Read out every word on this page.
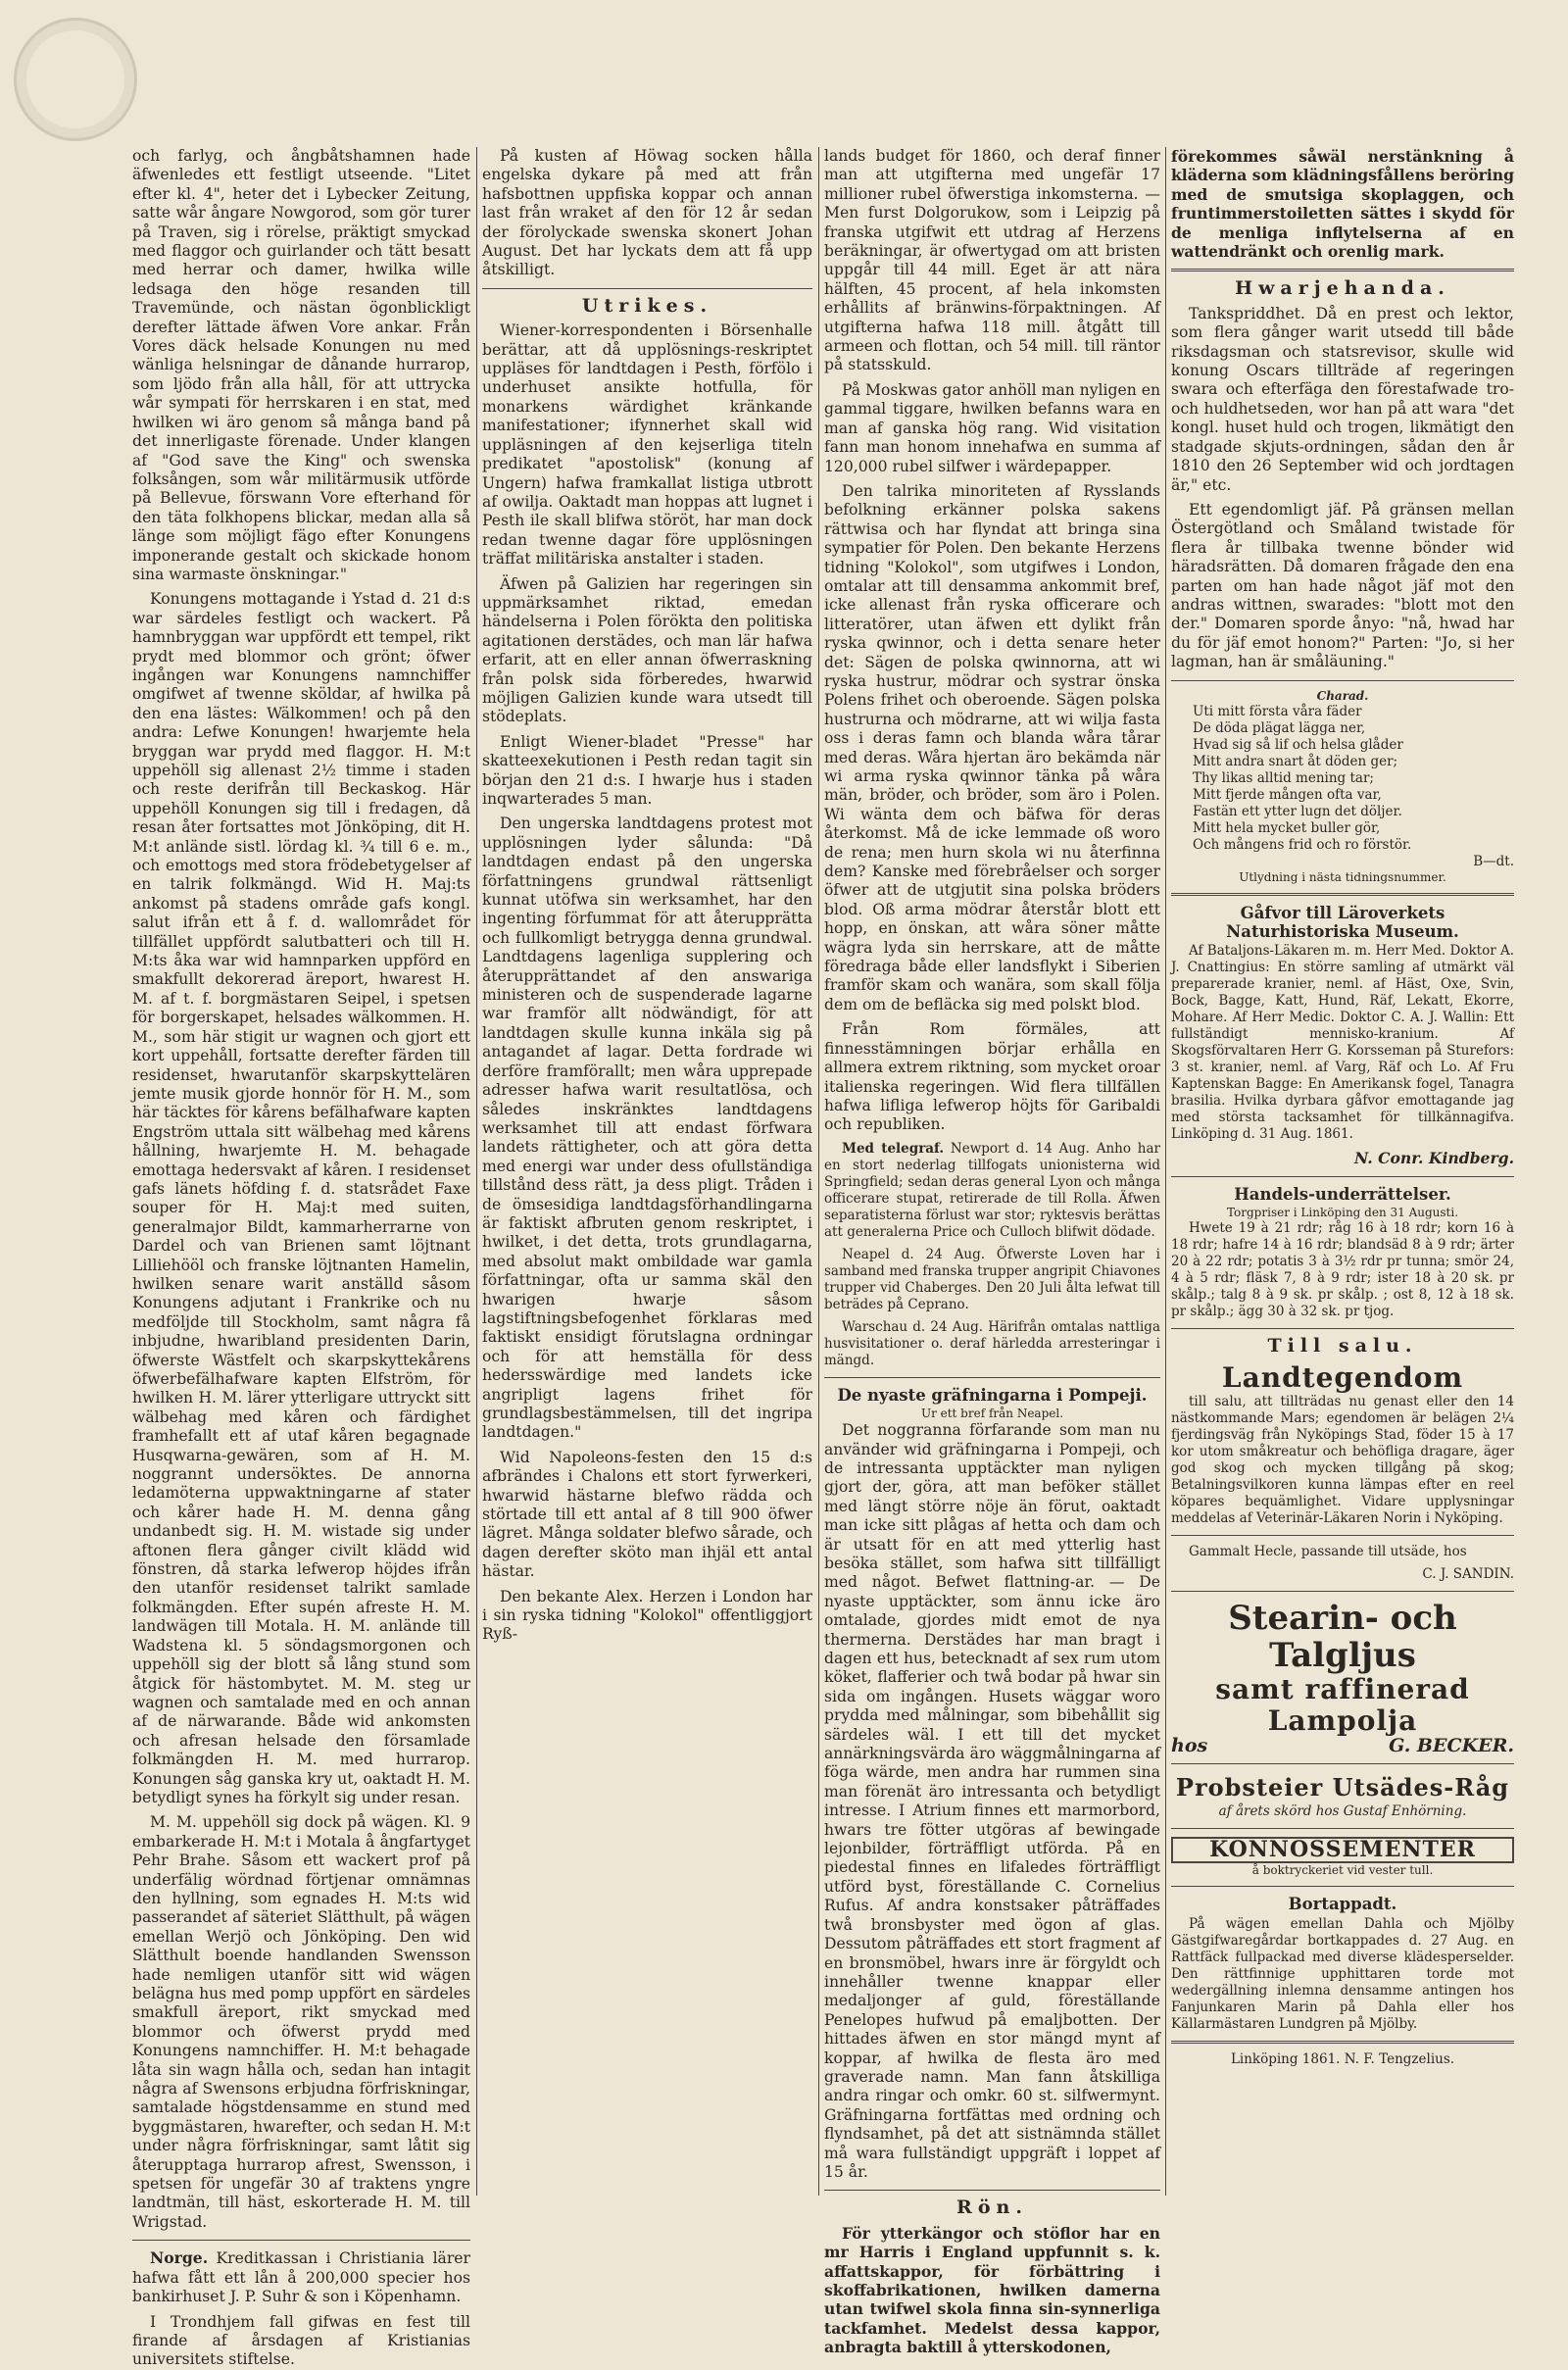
och farlyg, och ångbåtshamnen hade äfwenledes ett festligt utseende. "Litet efter kl. 4", heter det i Lybecker Zeitung, satte wår ångare Nowgorod, som gör turer på Traven, sig i rörelse, präktigt smyckad med flaggor och guirlander och tätt besatt med herrar och damer, hwilka wille ledsaga den höge resanden till Travemünde, och nästan ögonblickligt derefter lättade äfwen Vore ankar. Från Vores däck helsade Konungen nu med wänliga helsningar de dånande hurrarop, som ljödo från alla håll, för att uttrycka wår sympati för herrskaren i en stat, med hwilken wi äro genom så många band på det innerligaste förenade. Under klangen af "God save the King" och swenska folksången, som wår militärmusik utförde på Bellevue, förswann Vore efterhand för den täta folkhopens blickar, medan alla så länge som möjligt fägo efter Konungens imponerande gestalt och skickade honom sina warmaste önskningar."

Konungens mottagande i Ystad d. 21 d:s war särdeles festligt och wackert. På hamnbryggan war uppfördt ett tempel, rikt prydt med blommor och grönt; öfwer ingången war Konungens namnchiffer omgifwet af twenne sköldar, af hwilka på den ena lästes: Wälkommen! och på den andra: Lefwe Konungen! hwarjemte hela bryggan war prydd med flaggor. H. M:t uppehöll sig allenast 2½ timme i staden och reste derifrån till Beckaskog. Här uppehöll Konungen sig till i fredagen, då resan åter fortsattes mot Jönköping, dit H. M:t anlände sistl. lördag kl. ¾ till 6 e. m., och emottogs med stora frödebetygelser af en talrik folkmängd. Wid H. Maj:ts ankomst på stadens område gafs kongl. salut ifrån ett å f. d. wallområdet för tillfället uppfördt salutbatteri och till H. M:ts åka war wid hamnparken uppförd en smakfullt dekorerad äreport, hwarest H. M. af t. f. borgmästaren Seipel, i spetsen för borgerskapet, helsades wälkommen. H. M., som här stigit ur wagnen och gjort ett kort uppehåll, fortsatte derefter färden till residenset, hwarutanför skarpskyttelären jemte musik gjorde honnör för H. M., som här täcktes för kårens befälhafware kapten Engström uttala sitt wälbehag med kårens hållning, hwarjemte H. M. behagade emottaga hedersvakt af kåren. I residenset gafs länets höfding f. d. statsrådet Faxe souper för H. Maj:t med suiten, generalmajor Bildt, kammarherrarne von Dardel och van Brienen samt löjtnant Lilliehööl och franske löjtnanten Hamelin, hwilken senare warit anställd såsom Konungens adjutant i Frankrike och nu medföljde till Stockholm, samt några få inbjudne, hwaribland presidenten Darin, öfwerste Wästfelt och skarpskyttekårens öfwerbefälhafware kapten Elfström, för hwilken H. M. lärer ytterligare uttryckt sitt wälbehag med kåren och färdighet framhefallt ett af utaf kåren begagnade Husqwarna-gewären, som af H. M. noggrannt undersöktes. De annorna ledamöterna uppwaktningarne af stater och kårer hade H. M. denna gång undanbedt sig. H. M. wistade sig under aftonen flera gånger civilt klädd wid fönstren, då starka lefwerop höjdes ifrån den utanför residenset talrikt samlade folkmängden. Efter supén afreste H. M. landwägen till Motala. H. M. anlände till Wadstena kl. 5 söndagsmorgonen och uppehöll sig der blott så lång stund som åtgick för hästombytet. M. M. steg ur wagnen och samtalade med en och annan af de närwarande. Både wid ankomsten och afresan helsade den församlade folkmängden H. M. med hurrarop. Konungen såg ganska kry ut, oaktadt H. M. betydligt synes ha förkylt sig under resan.

M. M. uppehöll sig dock på wägen. Kl. 9 embarkerade H. M:t i Motala å ångfartyget Pehr Brahe. Såsom ett wackert prof på underfälig wördnad förtjenar omnämnas den hyllning, som egnades H. M:ts wid passerandet af säteriet Slätthult, på wägen emellan Werjö och Jönköping. Den wid Slätthult boende handlanden Swensson hade nemligen utanför sitt wid wägen belägna hus med pomp uppfört en särdeles smakfull äreport, rikt smyckad med blommor och öfwerst prydd med Konungens namnchiffer. H. M:t behagade låta sin wagn hålla och, sedan han intagit några af Swensons erbjudna förfriskningar, samtalade högstdensamme en stund med byggmästaren, hwarefter, och sedan H. M:t under några förfriskningar, samt låtit sig återupptaga hurrarop afrest, Swensson, i spetsen för ungefär 30 af traktens yngre landtmän, till häst, eskorterade H. M. till Wrigstad.

Norge. Kreditkassan i Christiania lärer hafwa fått ett lån å 200,000 specier hos bankirhuset J. P. Suhr & son i Köpenhamn.

I Trondhjem fall gifwas en fest till firande af årsdagen af Kristianias universitets stiftelse.

På kusten af Höwag socken hålla engelska dykare på med att från hafsbottnen uppfiska koppar och annan last från wraket af den för 12 år sedan der förolyckade swenska skonert Johan August. Det har lyckats dem att få upp åtskilligt.

Utrikes.

Wiener-korrespondenten i Börsenhalle berättar, att då upplösnings-reskriptet uppläses för landtdagen i Pesth, förfölo i underhuset ansikte hotfulla, för monarkens wärdighet kränkande manifestationer; ifynnerhet skall wid uppläsningen af den kejserliga titeln predikatet "apostolisk" (konung af Ungern) hafwa framkallat listiga utbrott af owilja. Oaktadt man hoppas att lugnet i Pesth ile skall blifwa störöt, har man dock redan twenne dagar före upplösningen träffat militäriska anstalter i staden.

Äfwen på Galizien har regeringen sin uppmärksamhet riktad, emedan händelserna i Polen förökta den politiska agitationen derstädes, och man lär hafwa erfarit, att en eller annan öfwerraskning från polsk sida förberedes, hwarwid möjligen Galizien kunde wara utsedt till stödeplats.

Enligt Wiener-bladet "Presse" har skatteexekutionen i Pesth redan tagit sin början den 21 d:s. I hwarje hus i staden inqwarterades 5 man.

Den ungerska landtdagens protest mot upplösningen lyder sålunda: "Då landtdagen endast på den ungerska författningens grundwal rättsenligt kunnat utöfwa sin werksamhet, har den ingenting förfummat för att återupprätta och fullkomligt betrygga denna grundwal. Landtdagens lagenliga supplering och återupprättandet af den answariga ministeren och de suspenderade lagarne war framför allt nödwändigt, för att landtdagen skulle kunna inkäla sig på antagandet af lagar. Detta fordrade wi derföre framförallt; men wåra upprepade adresser hafwa warit resultatlösa, och således inskränktes landtdagens werksamhet till att endast förfwara landets rättigheter, och att göra detta med energi war under dess ofullständiga tillstånd dess rätt, ja dess pligt. Tråden i de ömsesidiga landtdagsförhandlingarna är faktiskt afbruten genom reskriptet, i hwilket, i det detta, trots grundlagarna, med absolut makt ombildade war gamla författningar, ofta ur samma skäl den hwarigen hwarje såsom lagstiftningsbefogenhet förklaras med faktiskt ensidigt förutslagna ordningar och för att hemställa för dess hedersswärdige med landets icke angripligt lagens frihet för grundlagsbestämmelsen, till det ingripa landtdagen."

Wid Napoleons-festen den 15 d:s afbrändes i Chalons ett stort fyrwerkeri, hwarwid hästarne blefwo rädda och störtade till ett antal af 8 till 900 öfwer lägret. Många soldater blefwo sårade, och dagen derefter sköto man ihjäl ett antal hästar.

Den bekante Alex. Herzen i London har i sin ryska tidning "Kolokol" offentliggjort Ryß-

lands budget för 1860, och deraf finner man att utgifterna med ungefär 17 millioner rubel öfwerstiga inkomsterna. — Men furst Dolgorukow, som i Leipzig på franska utgifwit ett utdrag af Herzens beräkningar, är ofwertygad om att bristen uppgår till 44 mill. Eget är att nära hälften, 45 procent, af hela inkomsten erhållits af bränwins-förpaktningen. Af utgifterna hafwa 118 mill. åtgått till armeen och flottan, och 54 mill. till räntor på statsskuld.

På Moskwas gator anhöll man nyligen en gammal tiggare, hwilken befanns wara en man af ganska hög rang. Wid visitation fann man honom innehafwa en summa af 120,000 rubel silfwer i wärdepapper.

Den talrika minoriteten af Rysslands befolkning erkänner polska sakens rättwisa och har flyndat att bringa sina sympatier för Polen. Den bekante Herzens tidning "Kolokol", som utgifwes i London, omtalar att till densamma ankommit bref, icke allenast från ryska officerare och litteratörer, utan äfwen ett dylikt från ryska qwinnor, och i detta senare heter det: Sägen de polska qwinnorna, att wi ryska hustrur, mödrar och systrar önska Polens frihet och oberoende. Sägen polska hustrurna och mödrarne, att wi wilja fasta oss i deras famn och blanda wåra tårar med deras. Wåra hjertan äro bekämda när wi arma ryska qwinnor tänka på wåra män, bröder, och bröder, som äro i Polen. Wi wänta dem och bäfwa för deras återkomst. Må de icke lemmade oß woro de rena; men hurn skola wi nu återfinna dem? Kanske med förebråelser och sorger öfwer att de utgjutit sina polska bröders blod. Oß arma mödrar återstår blott ett hopp, en önskan, att wåra söner måtte wägra lyda sin herrskare, att de måtte föredraga både eller landsflykt i Siberien framför skam och wanära, som skall följa dem om de befläcka sig med polskt blod.

Från Rom förmäles, att finnesstämningen börjar erhålla en allmera extrem riktning, som mycket oroar italienska regeringen. Wid flera tillfällen hafwa lifliga lefwerop höjts för Garibaldi och republiken.

Med telegraf. Newport d. 14 Aug. Anho har en stort nederlag tillfogats unionisterna wid Springfield; sedan deras general Lyon och många officerare stupat, retirerade de till Rolla. Äfwen separatisterna förlust war stor; ryktesvis berättas att generalerna Price och Culloch blifwit dödade.

Neapel d. 24 Aug. Öfwerste Loven har i samband med franska trupper angripit Chiavones trupper vid Chaberges. Den 20 Juli ålta lefwat till beträdes på Ceprano.

Warschau d. 24 Aug. Härifrån omtalas nattliga husvisitationer o. deraf härledda arresteringar i mängd.

De nyaste gräfningarna i Pompeji.
Ur ett bref från Neapel.

Det noggranna förfarande som man nu använder wid gräfningarna i Pompeji, och de intressanta upptäckter man nyligen gjort der, göra, att man beföker stället med längt större nöje än förut, oaktadt man icke sitt plågas af hetta och dam och är utsatt för en att med ytterlig hast besöka stället, som hafwa sitt tillfälligt med något. Befwet flattning-ar. — De nyaste upptäckter, som ännu icke äro omtalade, gjordes midt emot de nya thermerna. Derstädes har man bragt i dagen ett hus, betecknadt af sex rum utom köket, flafferier och twå bodar på hwar sin sida om ingången. Husets wäggar woro prydda med målningar, som bibehållit sig särdeles wäl. I ett till det mycket annärkningsvärda äro wäggmålningarna af föga wärde, men andra har rummen sina man förenät äro intressanta och betydligt intresse. I Atrium finnes ett marmorbord, hwars tre fötter utgöras af bewingade lejonbilder, förträffligt utförda. På en piedestal finnes en lifaledes förträffligt utförd byst, föreställande C. Cornelius Rufus. Af andra konstsaker påträffades twå bronsbyster med ögon af glas. Dessutom påträffades ett stort fragment af en bronsmöbel, hwars inre är förgyldt och innehåller twenne knappar eller medaljonger af guld, föreställande Penelopes hufwud på emaljbotten. Der hittades äfwen en stor mängd mynt af koppar, af hwilka de flesta äro med graverade namn. Man fann åtskilliga andra ringar och omkr. 60 st. silfwermynt. Gräfningarna fortfättas med ordning och flyndsamhet, på det att sistnämnda stället må wara fullständigt uppgräft i loppet af 15 år.

Rön.

För ytterkängor och stöflor har en mr Harris i England uppfunnit s. k. affattskappor, för förbättring i skoffabrikationen, hwilken damerna utan twifwel skola finna sin-synnerliga tackfamhet. Medelst dessa kappor, anbragta baktill å ytterskodonen,

förekommes såwäl nerstänkning å kläderna som klädningsfållens beröring med de smutsiga skoplaggen, och fruntimmerstoiletten sättes i skydd för de menliga inflytelserna af en wattendränkt och orenlig mark.

Hwarjehanda.

Tankspriddhet. Då en prest och lektor, som flera gånger warit utsedd till både riksdagsman och statsrevisor, skulle wid konung Oscars tillträde af regeringen swara och efterfäga den förestafwade tro- och huldhetseden, wor han på att wara "det kongl. huset huld och trogen, likmätigt den stadgade skjuts-ordningen, sådan den år 1810 den 26 September wid och jordtagen är," etc.

Ett egendomligt jäf. På gränsen mellan Östergötland och Småland twistade för flera år tillbaka twenne bönder wid häradsrätten. Då domaren frågade den ena parten om han hade något jäf mot den andras wittnen, swarades: "blott mot den der." Domaren sporde ånyo: "nå, hwad har du för jäf emot honom?" Parten: "Jo, si her lagman, han är småläuning."

Charad.
Uti mitt första våra fäder
De döda plägat lägga ner,
Hvad sig så lif och helsa glåder
Mitt andra snart åt döden ger;
Thy likas alltid mening tar;
Mitt fjerde mången ofta var,
Fastän ett ytter lugn det döljer.
Mitt hela mycket buller gör,
Och mångens frid och ro förstör.
B—dt.
Utlydning i nästa tidningsnummer.
Gåfvor till Läroverkets Naturhistoriska Museum.

Af Bataljons-Läkaren m. m. Herr Med. Doktor A. J. Cnattingius: En större samling af utmärkt väl preparerade kranier, neml. af Häst, Oxe, Svin, Bock, Bagge, Katt, Hund, Räf, Lekatt, Ekorre, Mohare. Af Herr Medic. Doktor C. A. J. Wallin: Ett fullständigt mennisko-kranium. Af Skogsförvaltaren Herr G. Korsseman på Sturefors: 3 st. kranier, neml. af Varg, Räf och Lo. Af Fru Kaptenskan Bagge: En Amerikansk fogel, Tanagra brasilia. Hvilka dyrbara gåfvor emottagande jag med största tacksamhet för tillkännagifva. Linköping d. 31 Aug. 1861.

N. Conr. Kindberg.
Handels-underrättelser.
Torgpriser i Linköping den 31 Augusti.

Hwete 19 à 21 rdr; råg 16 à 18 rdr; korn 16 à 18 rdr; hafre 14 à 16 rdr; blandsäd 8 à 9 rdr; ärter 20 à 22 rdr; potatis 3 à 3½ rdr pr tunna; smör 24, 4 à 5 rdr; fläsk 7, 8 à 9 rdr; ister 18 à 20 sk. pr skålp.; talg 8 à 9 sk. pr skålp. ; ost 8, 12 à 18 sk. pr skålp.; ägg 30 à 32 sk. pr tjog.

Till salu.
Landtegendom

till salu, att tillträdas nu genast eller den 14 nästkommande Mars; egendomen är belägen 2¼ fjerdingsväg från Nyköpings Stad, föder 15 à 17 kor utom småkreatur och behöfliga dragare, äger god skog och mycken tillgång på skog; Betalningsvilkoren kunna lämpas efter en reel köpares bequämlighet. Vidare upplysningar meddelas af Veterinär-Läkaren Norin i Nyköping.

Gammalt Hecle, passande till utsäde, hos

C. J. SANDIN.
Stearin- och Talgljus
samt raffinerad Lampolja
hos	G. BECKER.
Probsteier Utsädes-Råg
af årets skörd hos Gustaf Enhörning.
KONNOSSEMENTER
å boktryckeriet vid vester tull.
Bortappadt.

På wägen emellan Dahla och Mjölby Gästgifwaregårdar bortkappades d. 27 Aug. en Rattfäck fullpackad med diverse klädesperselder. Den rättfinnige upphittaren torde mot wedergällning inlemna densamme antingen hos Fanjunkaren Marin på Dahla eller hos Källarmästaren Lundgren på Mjölby.

Linköping 1861. N. F. Tengzelius.
